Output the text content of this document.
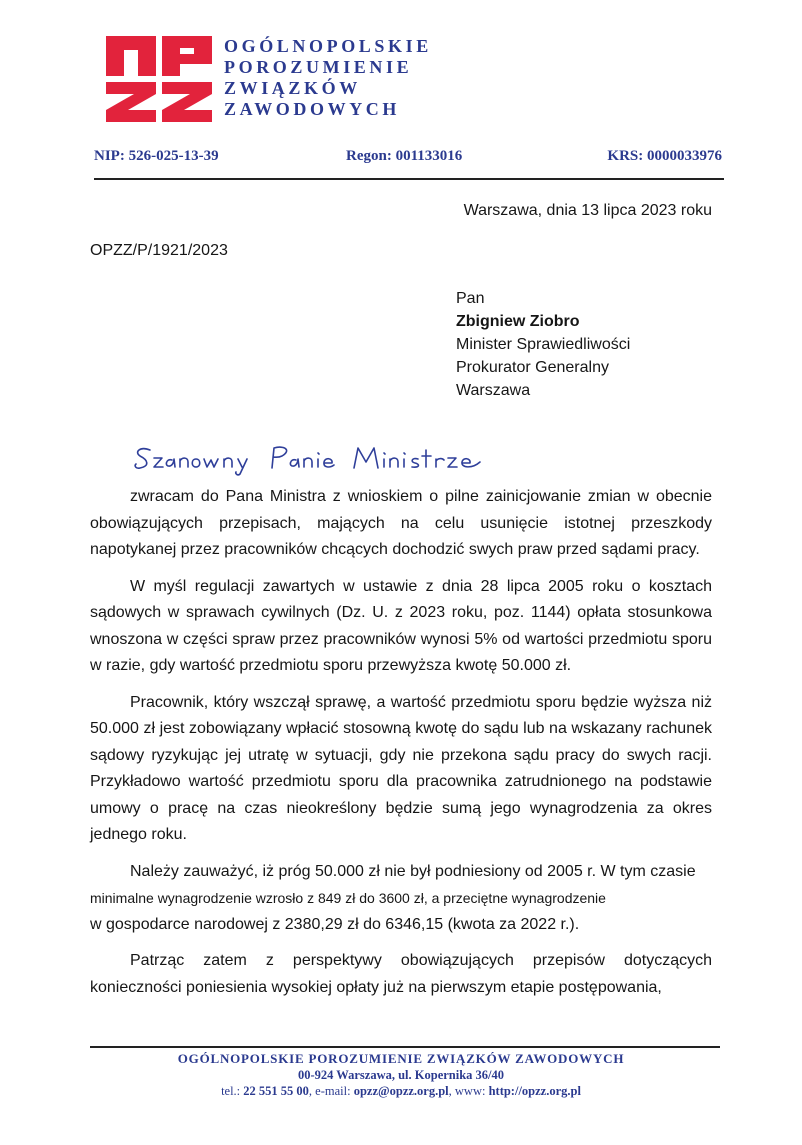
OGÓLNOPOLSKIE
POROZUMIENIE
ZWIĄZKÓW
ZAWODOWYCH
NIP: 526-025-13-39	Regon: 001133016	KRS: 0000033976
Warszawa, dnia 13 lipca 2023 roku
OPZZ/P/1921/2023
Pan
Zbigniew Ziobro
Minister Sprawiedliwości
Prokurator Generalny
Warszawa

zwracam do Pana Ministra z wnioskiem o pilne zainicjowanie zmian w obecnie obowiązujących przepisach, mających na celu usunięcie istotnej przeszkody napotykanej przez pracowników chcących dochodzić swych praw przed sądami pracy.

W myśl regulacji zawartych w ustawie z dnia 28 lipca 2005 roku o kosztach sądowych w sprawach cywilnych (Dz. U. z 2023 roku, poz. 1144) opłata stosunkowa wnoszona w części spraw przez pracowników wynosi 5% od wartości przedmiotu sporu w razie, gdy wartość przedmiotu sporu przewyższa kwotę 50.000 zł.

Pracownik, który wszczął sprawę, a wartość przedmiotu sporu będzie wyższa niż 50.000 zł jest zobowiązany wpłacić stosowną kwotę do sądu lub na wskazany rachunek sądowy ryzykując jej utratę w sytuacji, gdy nie przekona sądu pracy do swych racji. Przykładowo wartość przedmiotu sporu dla pracownika zatrudnionego na podstawie umowy o pracę na czas nieokreślony będzie sumą jego wynagrodzenia za okres jednego roku.

Należy zauważyć, iż próg 50.000 zł nie był podniesiony od 2005 r. W tym czasie
minimalne wynagrodzenie wzrosło z 849 zł do 3600 zł, a przeciętne wynagrodzenie
w gospodarce narodowej z 2380,29 zł do 6346,15 (kwota za 2022 r.).

Patrząc zatem z perspektywy obowiązujących przepisów dotyczących konieczności poniesienia wysokiej opłaty już na pierwszym etapie postępowania,

OGÓLNOPOLSKIE POROZUMIENIE ZWIĄZKÓW ZAWODOWYCH
00-924 Warszawa, ul. Kopernika 36/40
tel.: 22 551 55 00, e-mail: opzz@opzz.org.pl, www: http://opzz.org.pl
